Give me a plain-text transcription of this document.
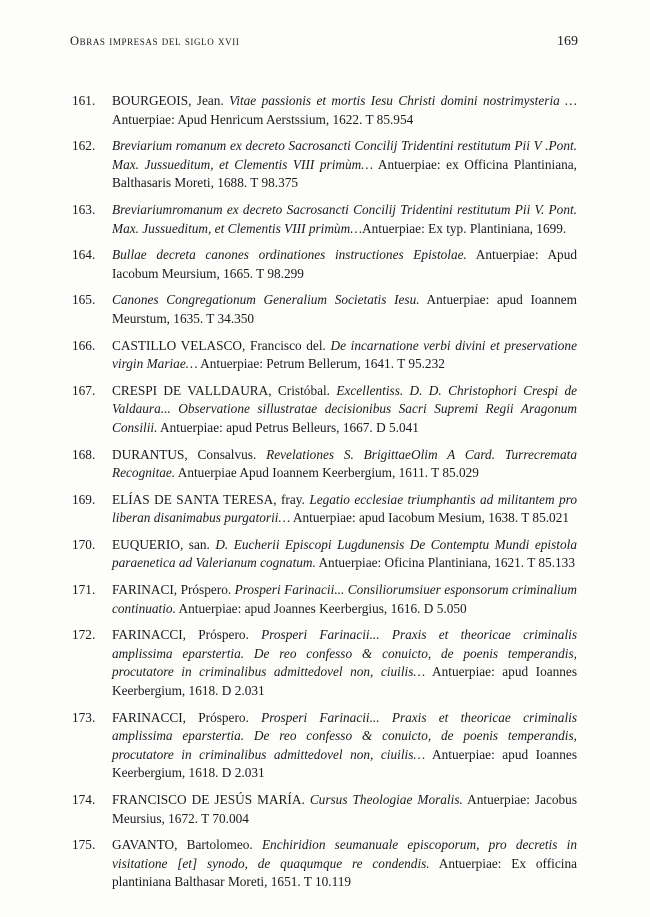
Obras impresas del siglo xvii	169
161.	BOURGEOIS, Jean. Vitae passionis et mortis Iesu Christi domini nostrimysteria … Antuerpiae: Apud Henricum Aerstssium, 1622. T 85.954
162.	Breviarium romanum ex decreto Sacrosancti Concilij Tridentini restitutum Pii V .Pont. Max. Jussueditum, et Clementis VIII primùm… Antuerpiae: ex Officina Plantiniana, Balthasaris Moreti, 1688. T 98.375
163.	Breviariumromanum ex decreto Sacrosancti Concilij Tridentini restitutum Pii V. Pont. Max. Jussueditum, et Clementis VIII primùm…Antuerpiae: Ex typ. Plantiniana, 1699.
164.	Bullae decreta canones ordinationes instructiones Epistolae. Antuerpiae: Apud Iacobum Meursium, 1665. T 98.299
165.	Canones Congregationum Generalium Societatis Iesu. Antuerpiae: apud Ioannem Meurstum, 1635. T 34.350
166.	CASTILLO VELASCO, Francisco del. De incarnatione verbi divini et preservatione virgin Mariae… Antuerpiae: Petrum Bellerum, 1641. T 95.232
167.	CRESPI DE VALLDAURA, Cristóbal. Excellentiss. D. D. Christophori Crespi de Valdaura... Observatione sillustratae decisionibus Sacri Supremi Regii Aragonum Consilii. Antuerpiae: apud Petrus Belleurs, 1667. D 5.041
168.	DURANTUS, Consalvus. Revelationes S. BrigittaeOlim A Card. Turrecremata Recognitae. Antuerpiae Apud Ioannem Keerbergium, 1611. T 85.029
169.	ELÍAS DE SANTA TERESA, fray. Legatio ecclesiae triumphantis ad militantem pro liberan disanimabus purgatorii… Antuerpiae: apud Iacobum Mesium, 1638. T 85.021
170.	EUQUERIO, san. D. Eucherii Episcopi Lugdunensis De Contemptu Mundi epistola paraenetica ad Valerianum cognatum. Antuerpiae: Oficina Plantiniana, 1621. T 85.133
171.	FARINACI, Próspero. Prosperi Farinacii... Consiliorumsiuer esponsorum criminalium continuatio. Antuerpiae: apud Joannes Keerbergius, 1616. D 5.050
172.	FARINACCI, Próspero. Prosperi Farinacii... Praxis et theoricae criminalis amplissima eparstertia. De reo confesso & conuicto, de poenis temperandis, procutatore in criminalibus admittedovel non, ciuilis… Antuerpiae: apud Ioannes Keerbergium, 1618. D 2.031
173.	FARINACCI, Próspero. Prosperi Farinacii... Praxis et theoricae criminalis amplissima eparstertia. De reo confesso & conuicto, de poenis temperandis, procutatore in criminalibus admittedovel non, ciuilis… Antuerpiae: apud Ioannes Keerbergium, 1618. D 2.031
174.	FRANCISCO DE JESÚS MARÍA. Cursus Theologiae Moralis. Antuerpiae: Jacobus Meursius, 1672. T 70.004
175.	GAVANTO, Bartolomeo. Enchiridion seumanuale episcoporum, pro decretis in visitatione [et] synodo, de quaqumque re condendis. Antuerpiae: Ex officina plantiniana Balthasar Moreti, 1651. T 10.119
